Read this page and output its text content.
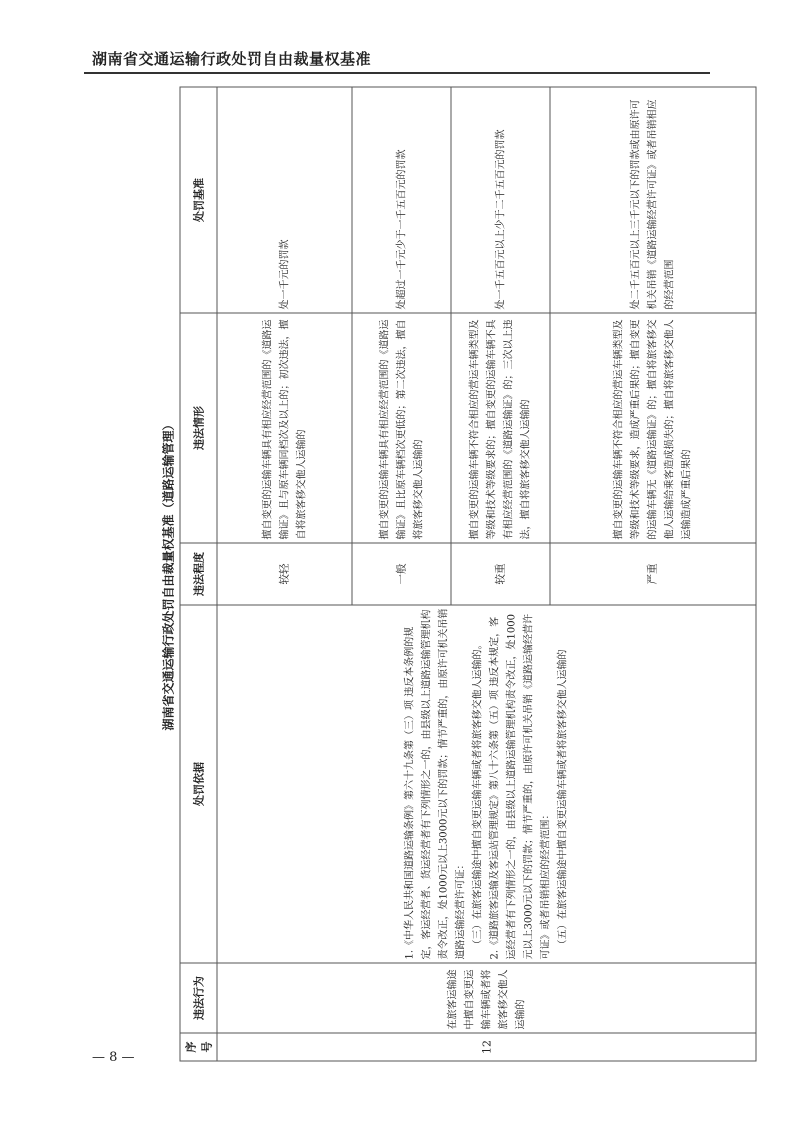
湖南省交通运输行政处罚自由裁量权基准
湖南省交通运输行政处罚自由裁量权基准（道路运输管理）
序号	违法行为	处罚依据	违法程度	违法情形	处罚基准
12	在旅客运输途中擅自变更运输车辆或者将旅客移交他人运输的	1.《中华人民共和国道路运输条例》第六十九条第（三）项 违反本条例的规定，客运经营者、货运经营者有下列情形之一的，由县级以上道路运输管理机构责令改正，处1000元以上3000元以下的罚款；情节严重的，由原许可机关吊销道路运输经营许可证： （三）在旅客运输途中擅自变更运输车辆或者将旅客移交他人运输的。 2.《道路旅客运输及客运站管理规定》第八十六条第（五）项 违反本规定，客运经营者有下列情形之一的，由县级以上道路运输管理机构责令改正，处1000元以上3000元以下的罚款；情节严重的，由原许可机关吊销《道路运输经营许可证》或者吊销相应的经营范围： （五）在旅客运输途中擅自变更运输车辆或者将旅客移交他人运输的	较轻	擅自变更的运输车辆具有相应经营范围的《道路运输证》且与原车辆同档次及以上的；初次违法，擅自将旅客移交他人运输的	处一千元的罚款

			一般	擅自变更的运输车辆具有相应经营范围的《道路运输证》且比原车辆档次更低的；第二次违法，擅自将旅客移交他人运输的	处超过一千元少于一千五百元的罚款

			较重	擅自变更的运输车辆不符合相应的营运车辆类型及等级和技术等级要求的；擅自变更的运输车辆不具有相应经营范围的《道路运输证》的；三次以上违法，擅自将旅客移交他人运输的	处一千五百元以上少于二千五百元的罚款

			严重	擅自变更的运输车辆不符合相应的营运车辆类型及等级和技术等级要求，造成严重后果的；擅自变更的运输车辆无《道路运输证》的；擅自将旅客移交他人运输给乘客造成损失的；擅自将旅客移交他人运输造成严重后果的	处二千五百元以上三千元以下的罚款或由原许可机关吊销《道路运输经营许可证》或者吊销相应的经营范围

— 8 —
